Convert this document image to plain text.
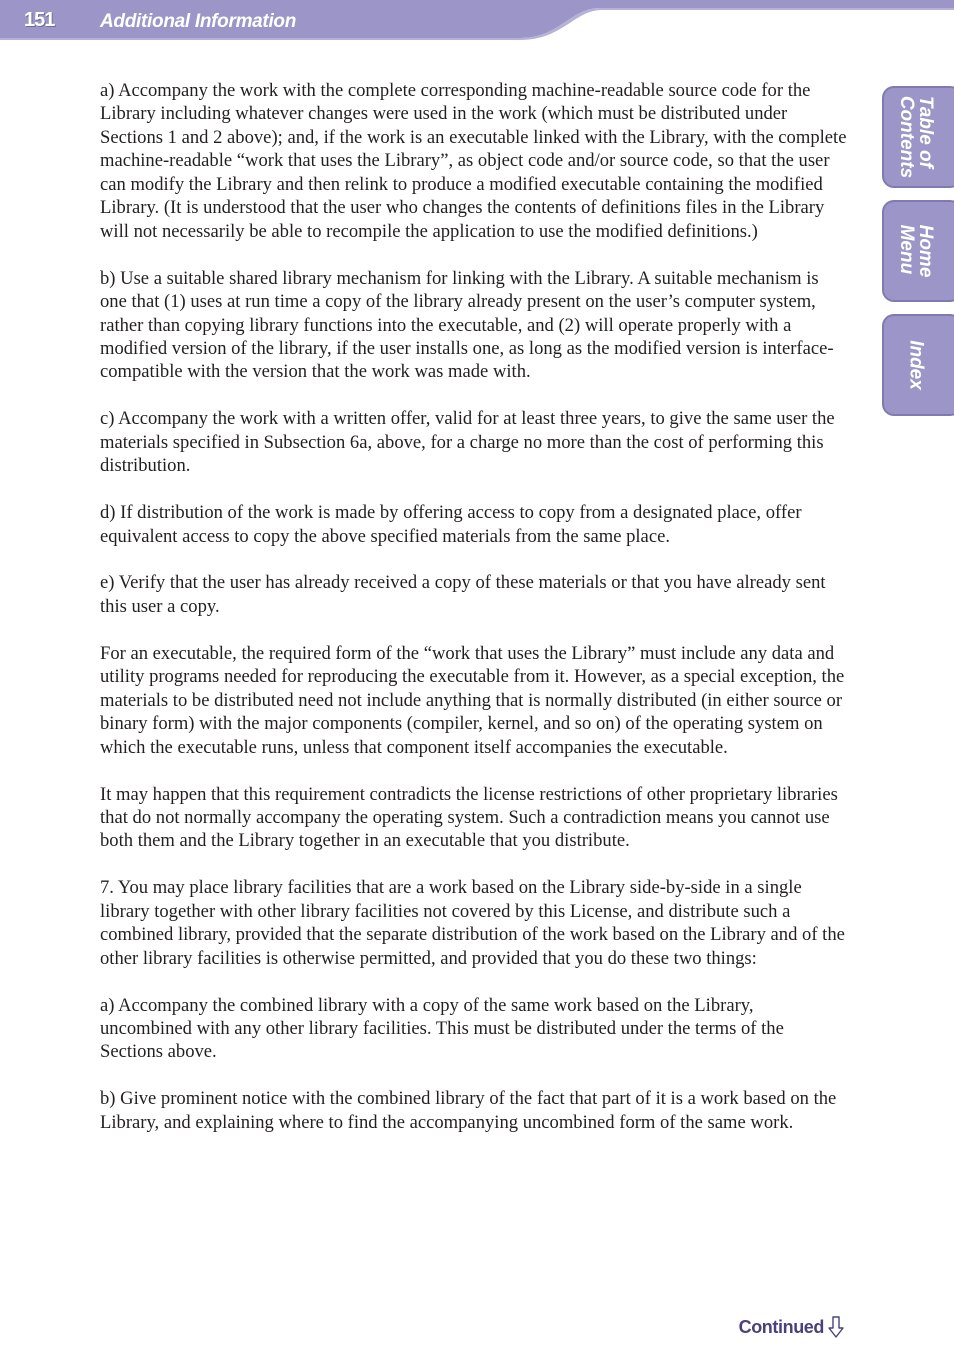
151 Additional Information
Table of
Contents
Home
Menu
Index

a) Accompany the work with the complete corresponding machine-readable source code for the Library including whatever changes were used in the work (which must be distributed under Sections 1 and 2 above); and, if the work is an executable linked with the Library, with the complete machine-readable “work that uses the Library”, as object code and/or source code, so that the user can modify the Library and then relink to produce a modified executable containing the modified Library. (It is understood that the user who changes the contents of definitions files in the Library will not necessarily be able to recompile the application to use the modified definitions.)

b) Use a suitable shared library mechanism for linking with the Library. A suitable mechanism is one that (1) uses at run time a copy of the library already present on the user’s computer system, rather than copying library functions into the executable, and (2) will operate properly with a modified version of the library, if the user installs one, as long as the modified version is interface-compatible with the version that the work was made with.

c) Accompany the work with a written offer, valid for at least three years, to give the same user the materials specified in Subsection 6a, above, for a charge no more than the cost of performing this distribution.

d) If distribution of the work is made by offering access to copy from a designated place, offer equivalent access to copy the above specified materials from the same place.

e) Verify that the user has already received a copy of these materials or that you have already sent this user a copy.

For an executable, the required form of the “work that uses the Library” must include any data and utility programs needed for reproducing the executable from it. However, as a special exception, the materials to be distributed need not include anything that is normally distributed (in either source or binary form) with the major components (compiler, kernel, and so on) of the operating system on which the executable runs, unless that component itself accompanies the executable.

It may happen that this requirement contradicts the license restrictions of other proprietary libraries that do not normally accompany the operating system. Such a contradiction means you cannot use both them and the Library together in an executable that you distribute.

7. You may place library facilities that are a work based on the Library side-by-side in a single library together with other library facilities not covered by this License, and distribute such a combined library, provided that the separate distribution of the work based on the Library and of the other library facilities is otherwise permitted, and provided that you do these two things:

a) Accompany the combined library with a copy of the same work based on the Library, uncombined with any other library facilities. This must be distributed under the terms of the Sections above.

b) Give prominent notice with the combined library of the fact that part of it is a work based on the Library, and explaining where to find the accompanying uncombined form of the same work.

Continued
